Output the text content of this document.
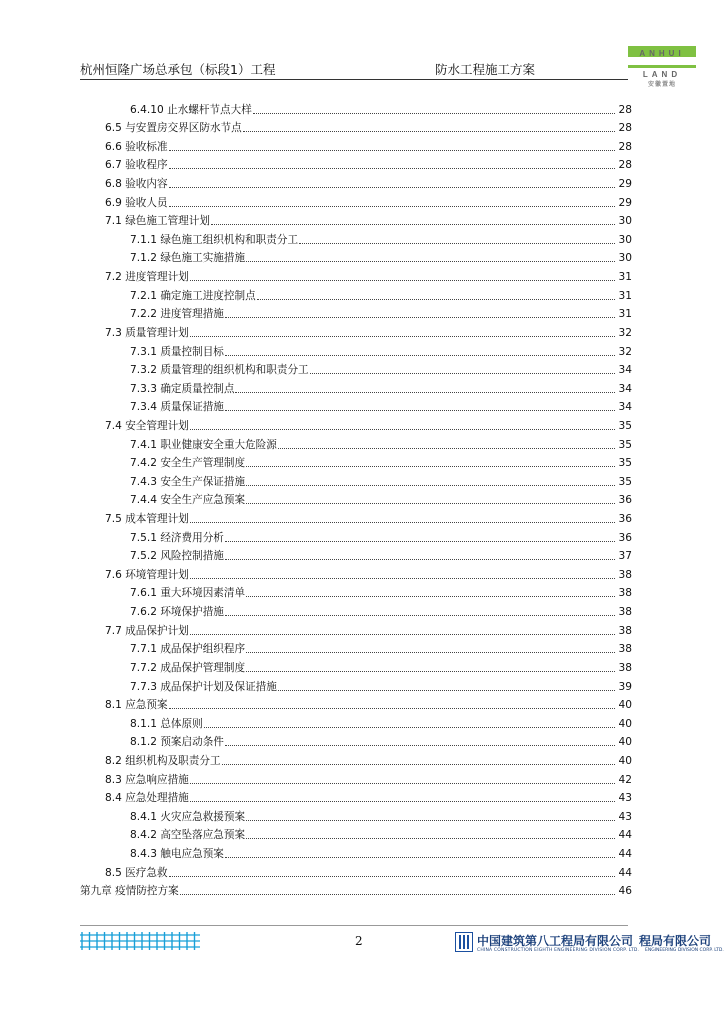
杭州恒隆广场总承包（标段1）工程	防水工程施工方案
ANHUI
LAND
安徽置地
6.4.10 止水螺杆节点大样	28
6.5 与安置房交界区防水节点	28
6.6 验收标准	28
6.7 验收程序	28
6.8 验收内容	29
6.9 验收人员	29
7.1 绿色施工管理计划	30
7.1.1 绿色施工组织机构和职责分工	30
7.1.2 绿色施工实施措施	30
7.2 进度管理计划	31
7.2.1 确定施工进度控制点	31
7.2.2 进度管理措施	31
7.3 质量管理计划	32
7.3.1 质量控制目标	32
7.3.2 质量管理的组织机构和职责分工	34
7.3.3 确定质量控制点	34
7.3.4 质量保证措施	34
7.4 安全管理计划	35
7.4.1 职业健康安全重大危险源	35
7.4.2 安全生产管理制度	35
7.4.3 安全生产保证措施	35
7.4.4 安全生产应急预案	36
7.5 成本管理计划	36
7.5.1 经济费用分析	36
7.5.2 风险控制措施	37
7.6 环境管理计划	38
7.6.1 重大环境因素清单	38
7.6.2 环境保护措施	38
7.7 成品保护计划	38
7.7.1 成品保护组织程序	38
7.7.2 成品保护管理制度	38
7.7.3 成品保护计划及保证措施	39
8.1 应急预案	40
8.1.1 总体原则	40
8.1.2 预案启动条件	40
8.2 组织机构及职责分工	40
8.3 应急响应措施	42
8.4 应急处理措施	43
8.4.1 火灾应急救援预案	43
8.4.2 高空坠落应急预案	44
8.4.3 触电应急预案	44
8.5 医疗急救	44
第九章 疫情防控方案	46
2	中国建筑第八工程局有限公司 程局有限公司
CHINA CONSTRUCTION EIGHTH ENGINEERING DIVISION CORP. LTD. ENGINEERING DIVISION CORP. LTD.
